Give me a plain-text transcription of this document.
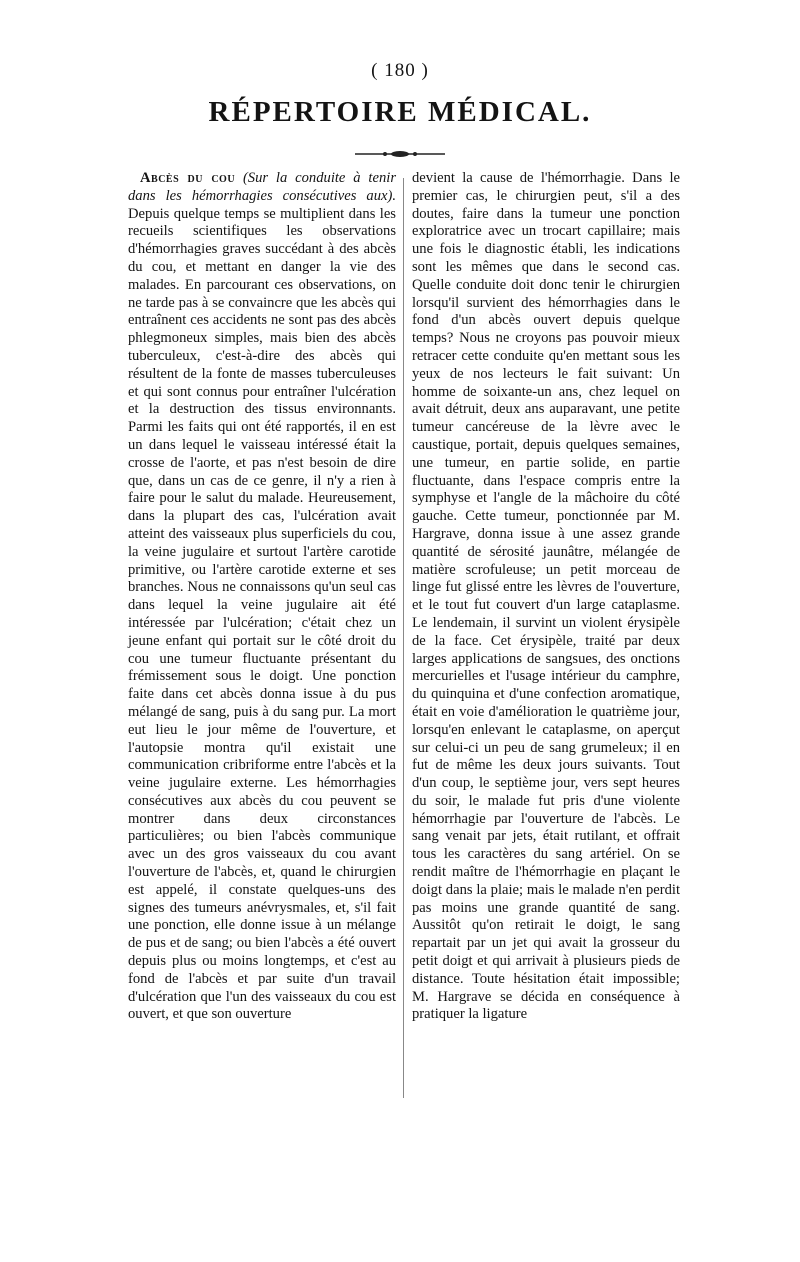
( 180 )
RÉPERTOIRE MÉDICAL.

Abcès du cou (Sur la conduite à tenir dans les hémorrhagies consécutives aux). Depuis quelque temps se multiplient dans les recueils scientifiques les observations d'hémorrhagies graves succédant à des abcès du cou, et mettant en danger la vie des malades. En parcourant ces observations, on ne tarde pas à se convaincre que les abcès qui entraînent ces accidents ne sont pas des abcès phlegmoneux simples, mais bien des abcès tuberculeux, c'est-à-dire des abcès qui résultent de la fonte de masses tuberculeuses et qui sont connus pour entraîner l'ulcération et la destruction des tissus environnants. Parmi les faits qui ont été rapportés, il en est un dans lequel le vaisseau intéressé était la crosse de l'aorte, et pas n'est besoin de dire que, dans un cas de ce genre, il n'y a rien à faire pour le salut du malade. Heureusement, dans la plupart des cas, l'ulcération avait atteint des vaisseaux plus superficiels du cou, la veine jugulaire et surtout l'artère carotide primitive, ou l'artère carotide externe et ses branches. Nous ne connaissons qu'un seul cas dans lequel la veine jugulaire ait été intéressée par l'ulcération; c'était chez un jeune enfant qui portait sur le côté droit du cou une tumeur fluctuante présentant du frémissement sous le doigt. Une ponction faite dans cet abcès donna issue à du pus mélangé de sang, puis à du sang pur. La mort eut lieu le jour même de l'ouverture, et l'autopsie montra qu'il existait une communication cribriforme entre l'abcès et la veine jugulaire externe. Les hémorrhagies consécutives aux abcès du cou peuvent se montrer dans deux circonstances particulières; ou bien l'abcès communique avec un des gros vaisseaux du cou avant l'ouverture de l'abcès, et, quand le chirurgien est appelé, il constate quelques-uns des signes des tumeurs anévrysmales, et, s'il fait une ponction, elle donne issue à un mélange de pus et de sang; ou bien l'abcès a été ouvert depuis plus ou moins longtemps, et c'est au fond de l'abcès et par suite d'un travail d'ulcération que l'un des vaisseaux du cou est ouvert, et que son ouverture

devient la cause de l'hémorrhagie. Dans le premier cas, le chirurgien peut, s'il a des doutes, faire dans la tumeur une ponction exploratrice avec un trocart capillaire; mais une fois le diagnostic établi, les indications sont les mêmes que dans le second cas. Quelle conduite doit donc tenir le chirurgien lorsqu'il survient des hémorrhagies dans le fond d'un abcès ouvert depuis quelque temps? Nous ne croyons pas pouvoir mieux retracer cette conduite qu'en mettant sous les yeux de nos lecteurs le fait suivant: Un homme de soixante-un ans, chez lequel on avait détruit, deux ans auparavant, une petite tumeur cancéreuse de la lèvre avec le caustique, portait, depuis quelques semaines, une tumeur, en partie solide, en partie fluctuante, dans l'espace compris entre la symphyse et l'angle de la mâchoire du côté gauche. Cette tumeur, ponctionnée par M. Hargrave, donna issue à une assez grande quantité de sérosité jaunâtre, mélangée de matière scrofuleuse; un petit morceau de linge fut glissé entre les lèvres de l'ouverture, et le tout fut couvert d'un large cataplasme. Le lendemain, il survint un violent érysipèle de la face. Cet érysipèle, traité par deux larges applications de sangsues, des onctions mercurielles et l'usage intérieur du camphre, du quinquina et d'une confection aromatique, était en voie d'amélioration le quatrième jour, lorsqu'en enlevant le cataplasme, on aperçut sur celui-ci un peu de sang grumeleux; il en fut de même les deux jours suivants. Tout d'un coup, le septième jour, vers sept heures du soir, le malade fut pris d'une violente hémorrhagie par l'ouverture de l'abcès. Le sang venait par jets, était rutilant, et offrait tous les caractères du sang artériel. On se rendit maître de l'hémorrhagie en plaçant le doigt dans la plaie; mais le malade n'en perdit pas moins une grande quantité de sang. Aussitôt qu'on retirait le doigt, le sang repartait par un jet qui avait la grosseur du petit doigt et qui arrivait à plusieurs pieds de distance. Toute hésitation était impossible; M. Hargrave se décida en conséquence à pratiquer la ligature
